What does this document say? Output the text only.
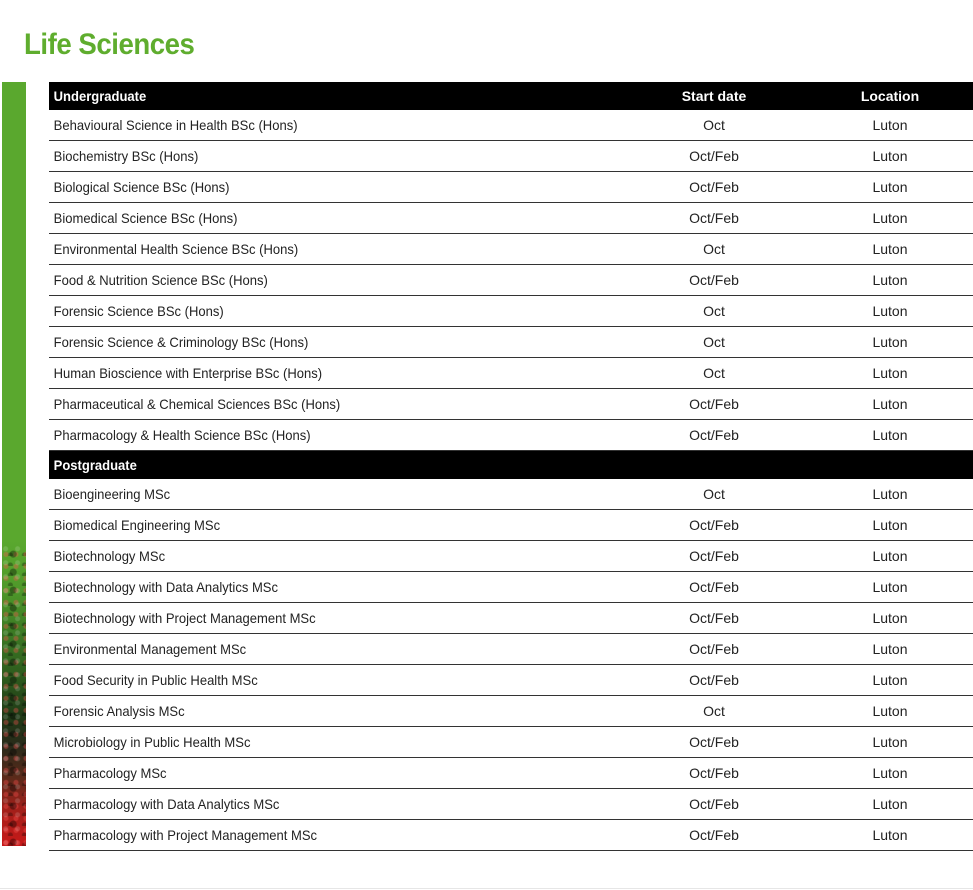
Life Sciences
Undergraduate	Start date	Location
Behavioural Science in Health BSc (Hons)	Oct	Luton
Biochemistry BSc (Hons)	Oct/Feb	Luton
Biological Science BSc (Hons)	Oct/Feb	Luton
Biomedical Science BSc (Hons)	Oct/Feb	Luton
Environmental Health Science BSc (Hons)	Oct	Luton
Food & Nutrition Science BSc (Hons)	Oct/Feb	Luton
Forensic Science BSc (Hons)	Oct	Luton
Forensic Science & Criminology BSc (Hons)	Oct	Luton
Human Bioscience with Enterprise BSc (Hons)	Oct	Luton
Pharmaceutical & Chemical Sciences BSc (Hons)	Oct/Feb	Luton
Pharmacology & Health Science BSc (Hons)	Oct/Feb	Luton
Postgraduate
Bioengineering MSc	Oct	Luton
Biomedical Engineering MSc	Oct/Feb	Luton
Biotechnology MSc	Oct/Feb	Luton
Biotechnology with Data Analytics MSc	Oct/Feb	Luton
Biotechnology with Project Management MSc	Oct/Feb	Luton
Environmental Management MSc	Oct/Feb	Luton
Food Security in Public Health MSc	Oct/Feb	Luton
Forensic Analysis MSc	Oct	Luton
Microbiology in Public Health MSc	Oct/Feb	Luton
Pharmacology MSc	Oct/Feb	Luton
Pharmacology with Data Analytics MSc	Oct/Feb	Luton
Pharmacology with Project Management MSc	Oct/Feb	Luton
